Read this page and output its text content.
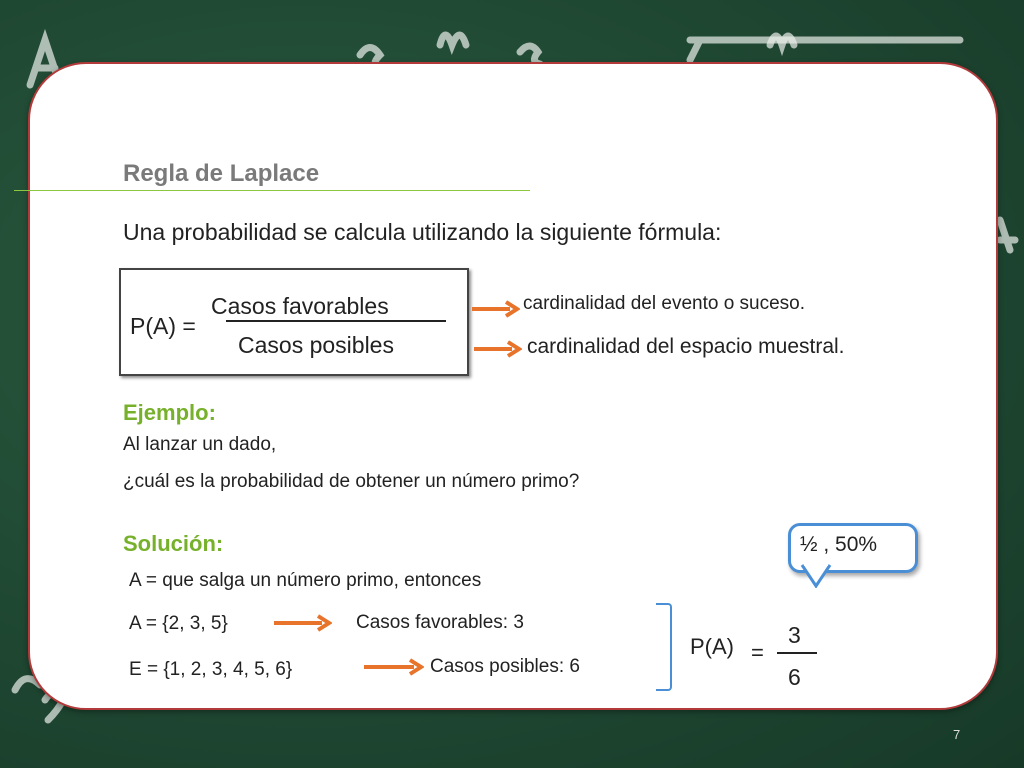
Regla de Laplace
Una probabilidad se calcula utilizando la siguiente fórmula:
P(A) =
Casos favorables
Casos posibles
cardinalidad del evento o suceso.
cardinalidad del espacio muestral.
Ejemplo:
Al lanzar un dado,
¿cuál es la probabilidad de obtener un número primo?
Solución:
A = que salga un número primo, entonces
A = {2, 3, 5}	Casos favorables: 3
E = {1, 2, 3, 4, 5, 6}	Casos posibles: 6
P(A) =
3
6
½ , 50%
7
